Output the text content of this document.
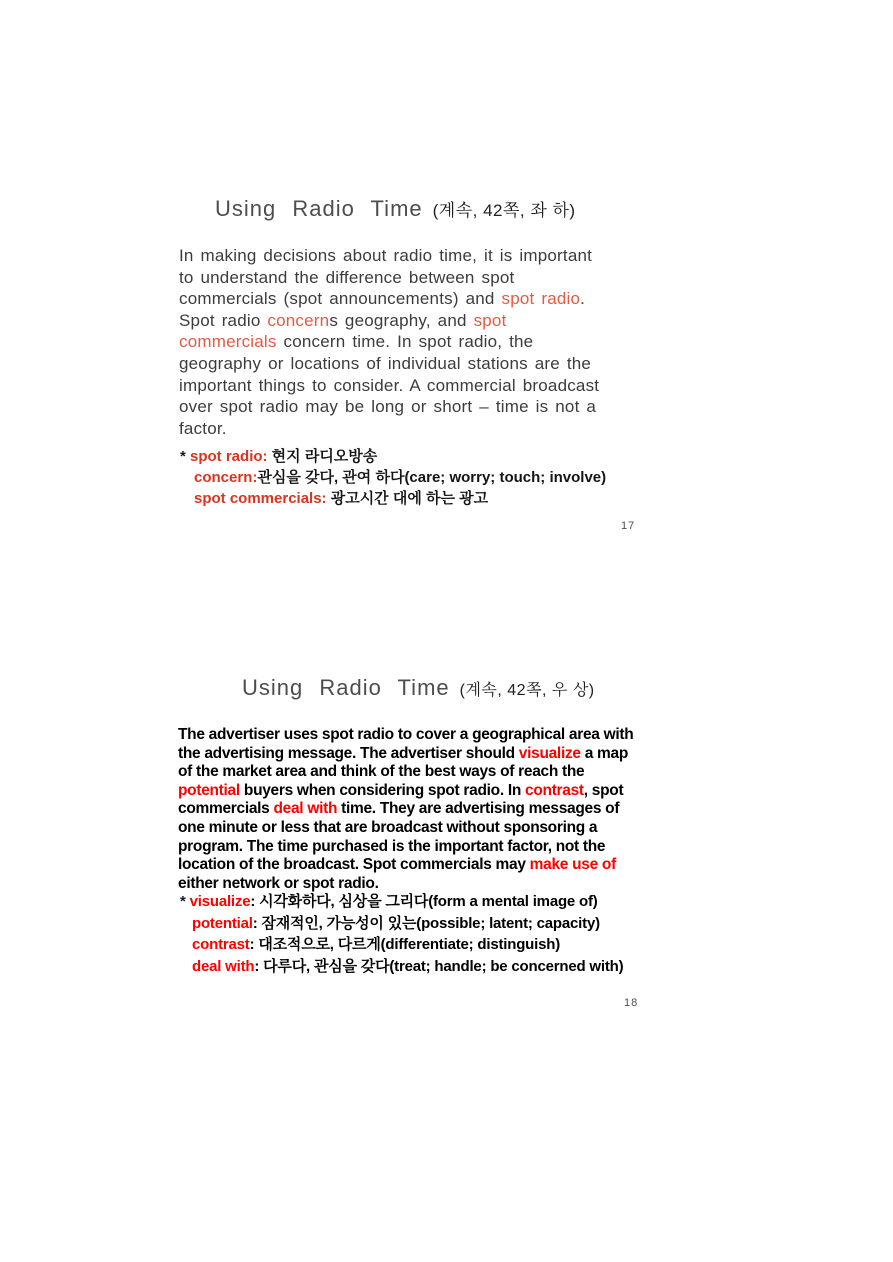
Using Radio Time (계속, 42쪽, 좌 하)
In making decisions about radio time, it is important
to understand the difference between spot
commercials (spot announcements) and spot radio.
Spot radio concerns geography, and spot
commercials concern time. In spot radio, the
geography or locations of individual stations are the
important things to consider. A commercial broadcast
over spot radio may be long or short – time is not a
factor.
* spot radio: 현지 라디오방송
concern:관심을 갖다, 관여 하다(care; worry; touch; involve)
spot commercials: 광고시간 대에 하는 광고
17
Using Radio Time (계속, 42쪽, 우 상)
The advertiser uses spot radio to cover a geographical area with
the advertising message. The advertiser should visualize a map
of the market area and think of the best ways of reach the
potential buyers when considering spot radio. In contrast, spot
commercials deal with time. They are advertising messages of
one minute or less that are broadcast without sponsoring a
program. The time purchased is the important factor, not the
location of the broadcast. Spot commercials may make use of
either network or spot radio.
* visualize: 시각화하다, 심상을 그리다(form a mental image of)
potential: 잠재적인, 가능성이 있는(possible; latent; capacity)
contrast: 대조적으로, 다르게(differentiate; distinguish)
deal with: 다루다, 관심을 갖다(treat; handle; be concerned with)
18
